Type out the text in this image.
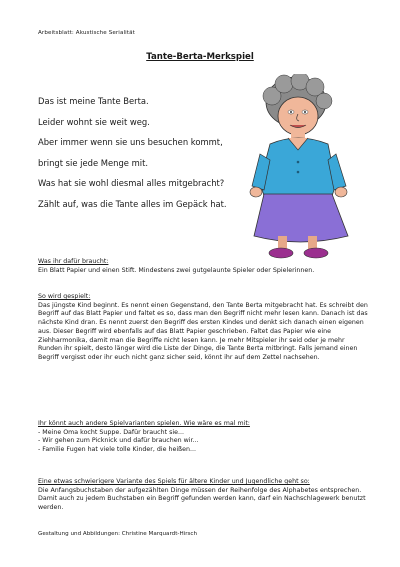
Arbeitsblatt: Akustische Serialität
Tante-Berta-Merkspiel
Das ist meine Tante Berta.
Leider wohnt sie weit weg.
Aber immer wenn sie uns besuchen kommt,
bringt sie jede Menge mit.
Was hat sie wohl diesmal alles mitgebracht?
Zählt auf, was die Tante alles im Gepäck hat.
Was ihr dafür braucht:
Ein Blatt Papier und einen Stift. Mindestens zwei gutgelaunte Spieler oder Spielerinnen.
So wird gespielt:
Das jüngste Kind beginnt. Es nennt einen Gegenstand, den Tante Berta mitgebracht hat. Es schreibt den Begriff auf das Blatt Papier und faltet es so, dass man den Begriff nicht mehr lesen kann. Danach ist das nächste Kind dran. Es nennt zuerst den Begriff des ersten Kindes und denkt sich danach einen eigenen aus. Dieser Begriff wird ebenfalls auf das Blatt Papier geschrieben. Faltet das Papier wie eine Ziehharmonika, damit man die Begriffe nicht lesen kann. Je mehr Mitspieler ihr seid oder je mehr Runden ihr spielt, desto länger wird die Liste der Dinge, die Tante Berta mitbringt. Falls jemand einen Begriff vergisst oder ihr euch nicht ganz sicher seid, könnt ihr auf dem Zettel nachsehen.
Ihr könnt auch andere Spielvarianten spielen. Wie wäre es mal mit:
- Meine Oma kocht Suppe. Dafür braucht sie...
- Wir gehen zum Picknick und dafür brauchen wir...
- Familie Fugen hat viele tolle Kinder, die heißen...
Eine etwas schwierigere Variante des Spiels für ältere Kinder und Jugendliche geht so:
Die Anfangsbuchstaben der aufgezählten Dinge müssen der Reihenfolge des Alphabetes entsprechen. Damit auch zu jedem Buchstaben ein Begriff gefunden werden kann, darf ein Nachschlagewerk benutzt werden.
Gestaltung und Abbildungen: Christine Marquardt-Hirsch
